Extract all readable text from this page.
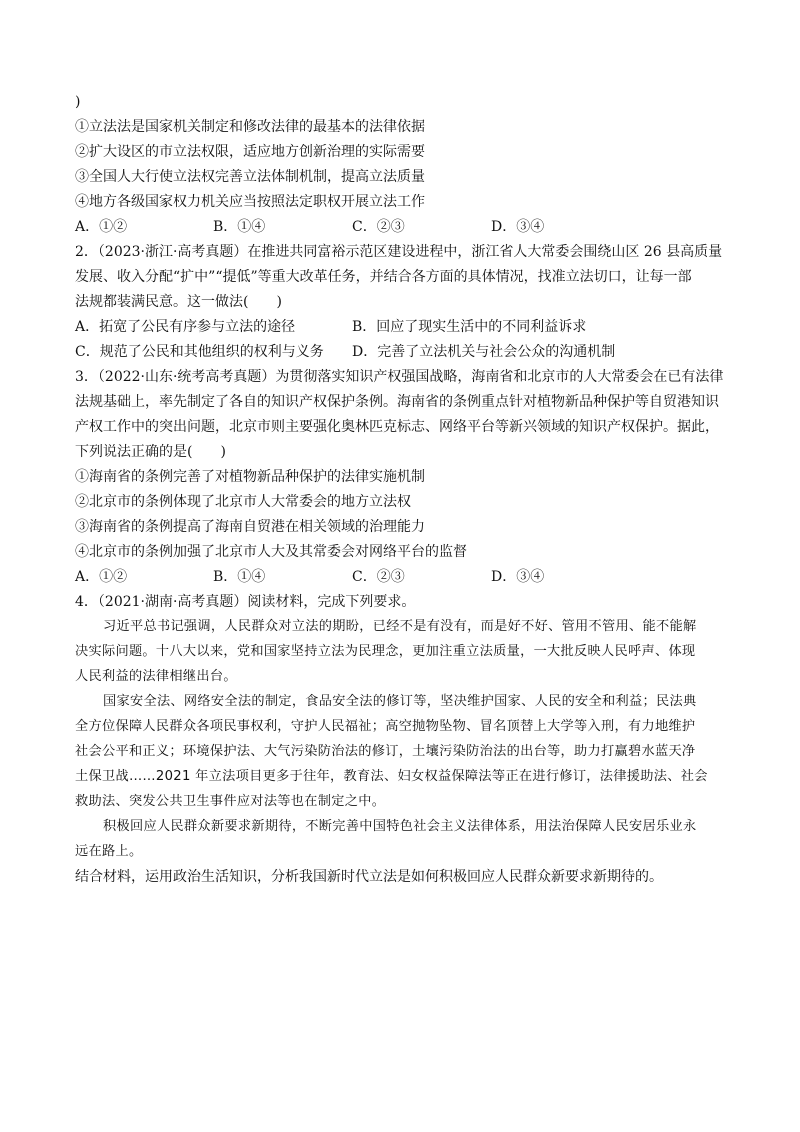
)
①立法法是国家机关制定和修改法律的最基本的法律依据
②扩大设区的市立法权限，适应地方创新治理的实际需要
③全国人大行使立法权完善立法体制机制，提高立法质量
④地方各级国家权力机关应当按照法定职权开展立法工作
A．①②	B．①④	C．②③	D．③④
2．（2023·浙江·高考真题）在推进共同富裕示范区建设进程中，浙江省人大常委会围绕山区 26 县高质量
发展、收入分配“扩中”“提低”等重大改革任务，并结合各方面的具体情况，找准立法切口，让每一部
法规都装满民意。这一做法(　　)
A．拓宽了公民有序参与立法的途径	B．回应了现实生活中的不同利益诉求
C．规范了公民和其他组织的权利与义务 D．完善了立法机关与社会公众的沟通机制
3．（2022·山东·统考高考真题）为贯彻落实知识产权强国战略，海南省和北京市的人大常委会在已有法律
法规基础上，率先制定了各自的知识产权保护条例。海南省的条例重点针对植物新品种保护等自贸港知识
产权工作中的突出问题，北京市则主要强化奥林匹克标志、网络平台等新兴领域的知识产权保护。据此，
下列说法正确的是(　　)
①海南省的条例完善了对植物新品种保护的法律实施机制
②北京市的条例体现了北京市人大常委会的地方立法权
③海南省的条例提高了海南自贸港在相关领域的治理能力
④北京市的条例加强了北京市人大及其常委会对网络平台的监督
A．①②	B．①④	C．②③	D．③④
4．（2021·湖南·高考真题）阅读材料，完成下列要求。
习近平总书记强调，人民群众对立法的期盼，已经不是有没有，而是好不好、管用不管用、能不能解
决实际问题。十八大以来，党和国家坚持立法为民理念，更加注重立法质量，一大批反映人民呼声、体现
人民利益的法律相继出台。
国家安全法、网络安全法的制定，食品安全法的修订等，坚决维护国家、人民的安全和利益；民法典
全方位保障人民群众各项民事权利，守护人民福祉；高空抛物坠物、冒名顶替上大学等入刑，有力地维护
社会公平和正义；环境保护法、大气污染防治法的修订，土壤污染防治法的出台等，助力打赢碧水蓝天净
土保卫战……2021 年立法项目更多于往年，教育法、妇女权益保障法等正在进行修订，法律援助法、社会
救助法、突发公共卫生事件应对法等也在制定之中。
积极回应人民群众新要求新期待，不断完善中国特色社会主义法律体系，用法治保障人民安居乐业永
远在路上。
结合材料，运用政治生活知识，分析我国新时代立法是如何积极回应人民群众新要求新期待的。
